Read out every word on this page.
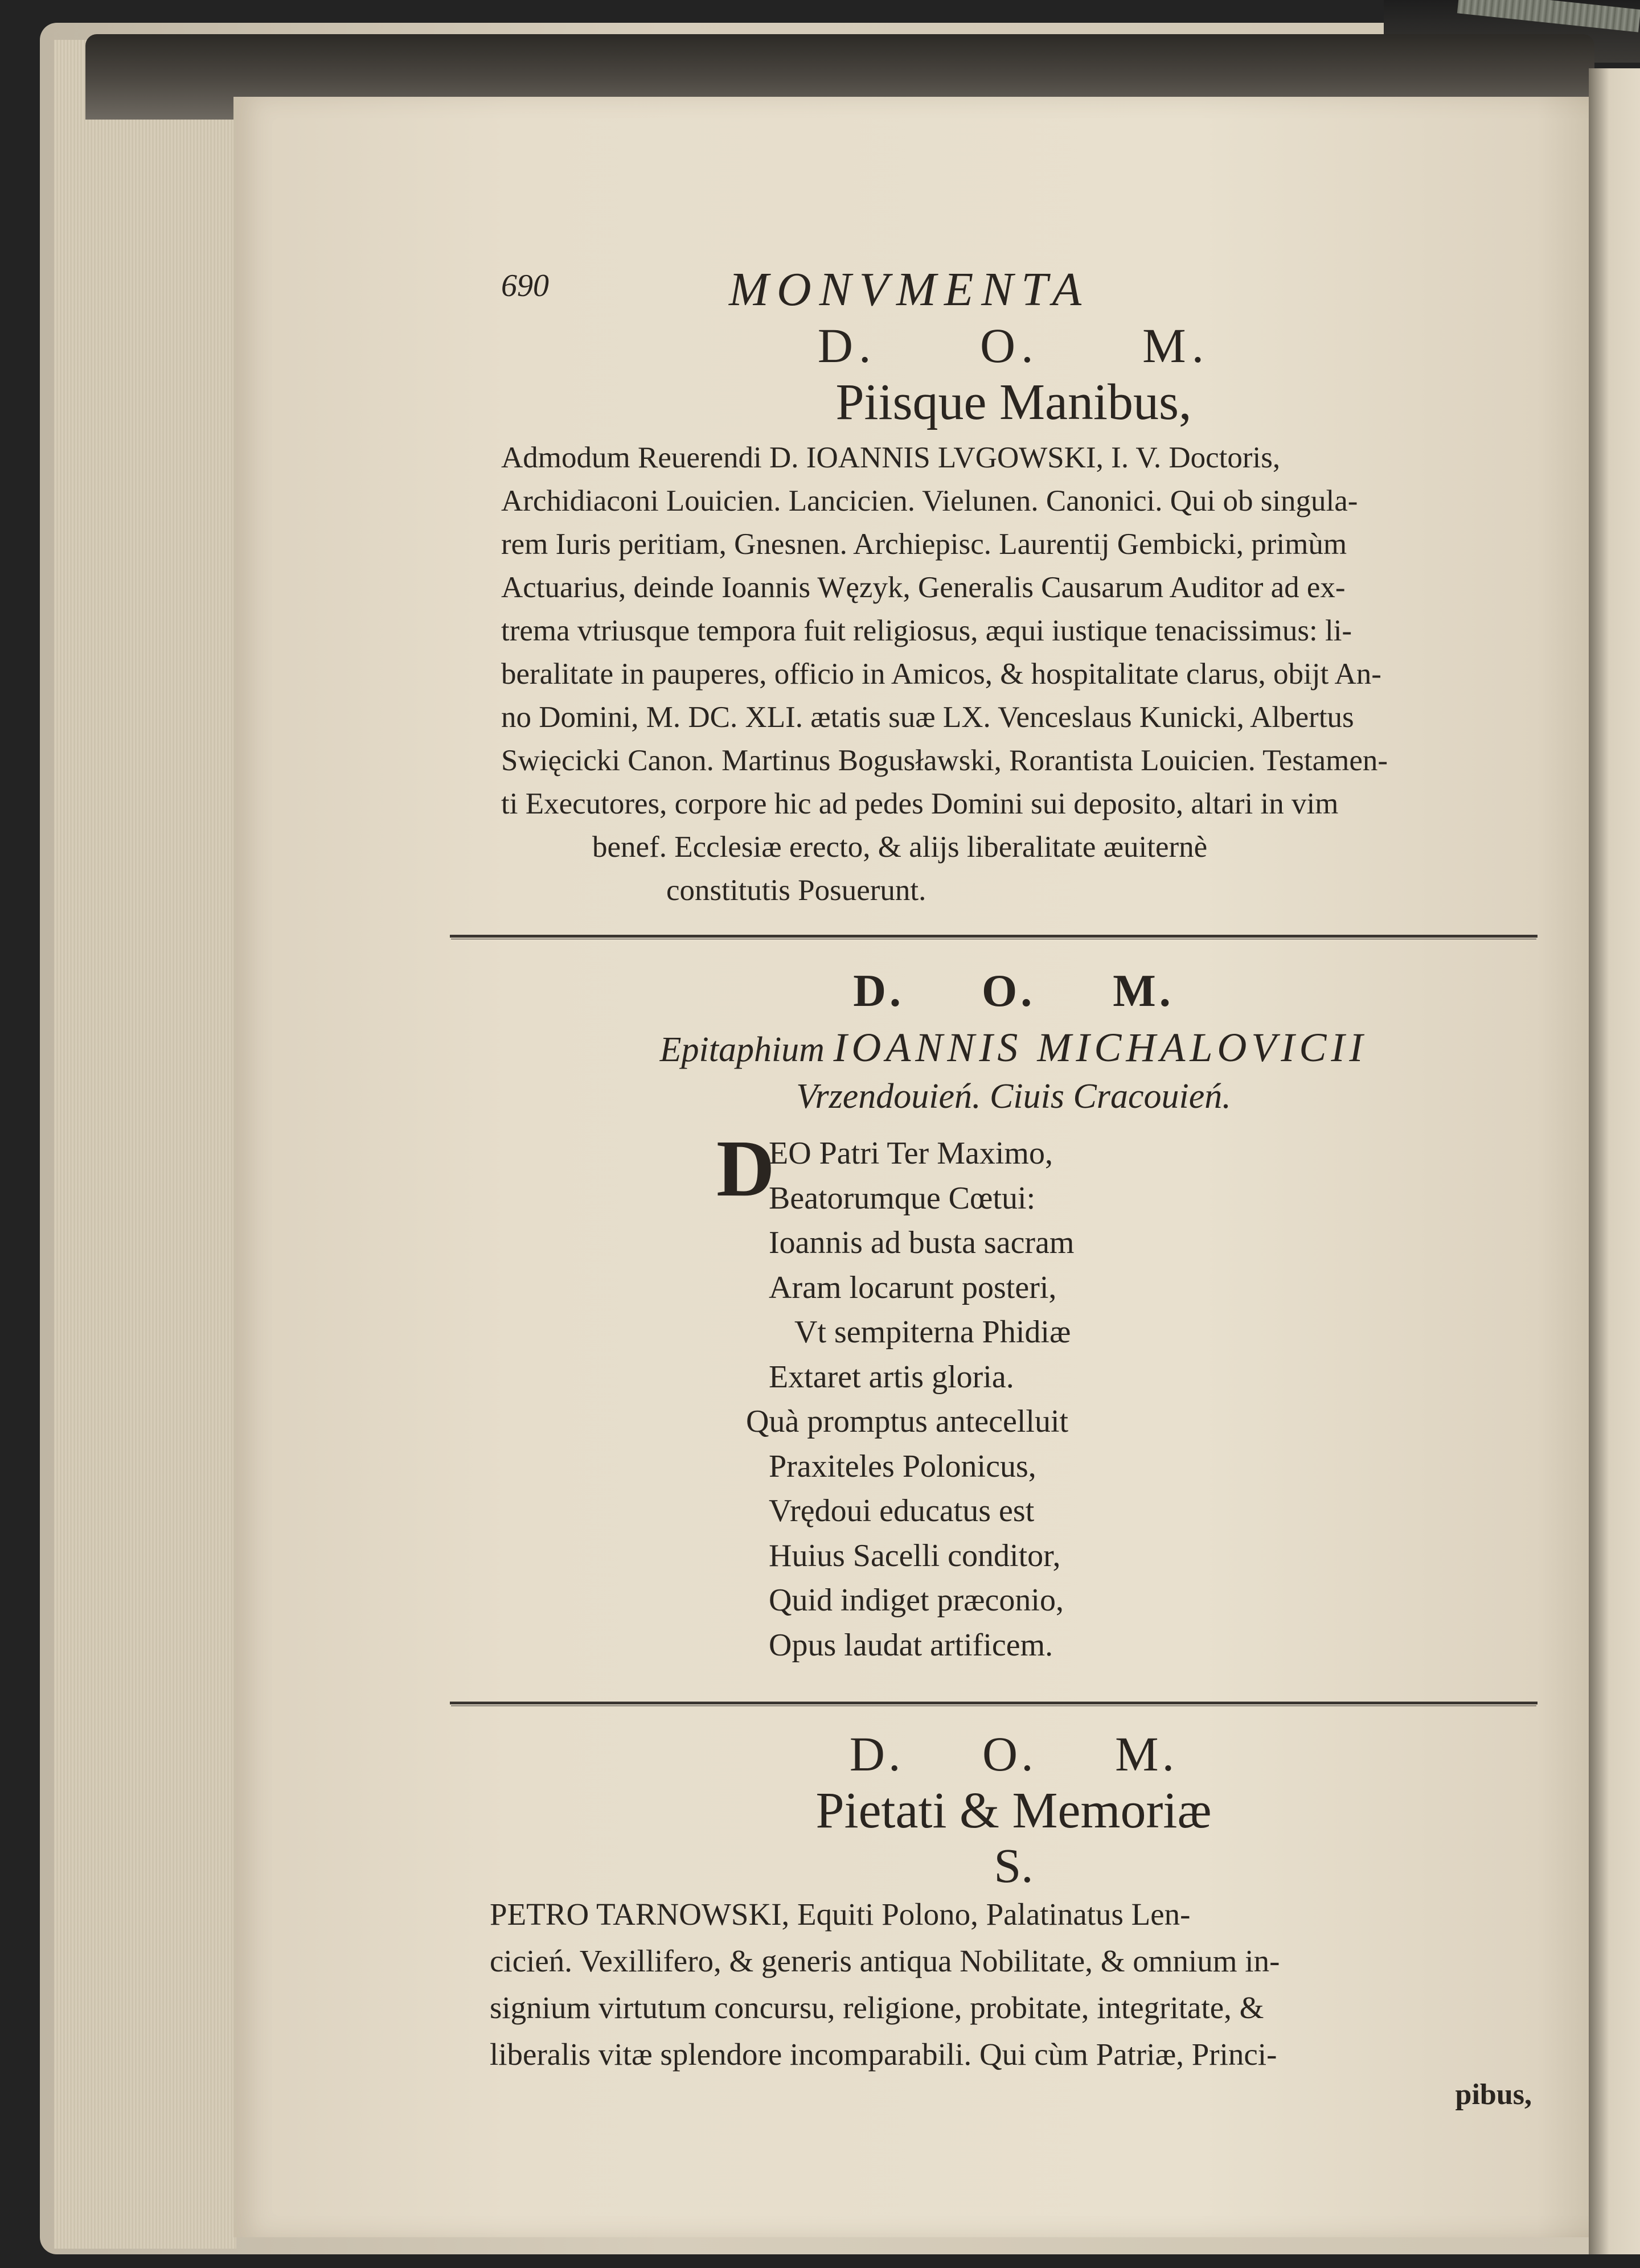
690	MONVMENTA
D. O. M.
Piisque Manibus,
Admodum Reuerendi D. IOANNIS LVGOWSKI, I. V. Doctoris,
Archidiaconi Louicien. Lancicien. Vielunen. Canonici. Qui ob singula-
rem Iuris peritiam, Gnesnen. Archiepisc. Laurentij Gembicki, primùm
Actuarius, deinde Ioannis Węzyk, Generalis Causarum Auditor ad ex-
trema vtriusque tempora fuit religiosus, æqui iustique tenacissimus: li-
beralitate in pauperes, officio in Amicos, & hospitalitate clarus, obijt An-
no Domini, M. DC. XLI. ætatis suæ LX. Venceslaus Kunicki, Albertus
Swięcicki Canon. Martinus Bogusławski, Rorantista Louicien. Testamen-
ti Executores, corpore hic ad pedes Domini sui deposito, altari in vim
benef. Ecclesiæ erecto, & alijs liberalitate æuiternè
constitutis Posuerunt.
D. O. M.
Epitaphium IOANNIS MICHALOVICII
Vrzendouień. Ciuis Cracouień.
D
EO Patri Ter Maximo,
Beatorumque Cœtui:
Ioannis ad busta sacram
Aram locarunt posteri,
Vt sempiterna Phidiæ
Extaret artis gloria.
Quà promptus antecelluit
Praxiteles Polonicus,
Vrędoui educatus est
Huius Sacelli conditor,
Quid indiget præconio,
Opus laudat artificem.
D. O. M.
Pietati & Memoriæ
S.
PETRO TARNOWSKI, Equiti Polono, Palatinatus Len-
cicień. Vexillifero, & generis antiqua Nobilitate, & omnium in-
signium virtutum concursu, religione, probitate, integritate, &
liberalis vitæ splendore incomparabili. Qui cùm Patriæ, Princi-
pibus,
